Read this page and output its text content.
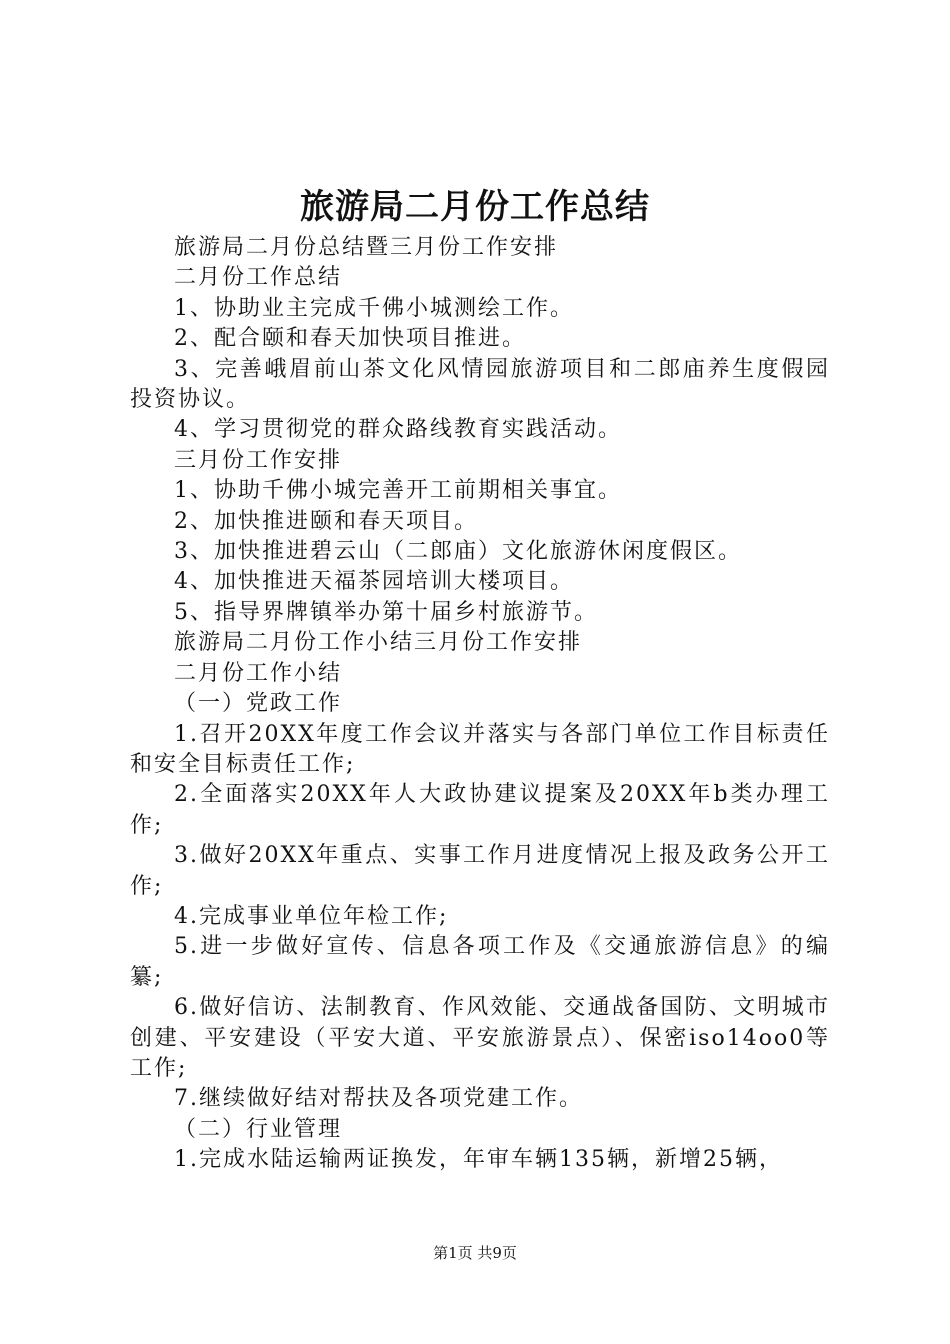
旅游局二月份工作总结

旅游局二月份总结暨三月份工作安排

二月份工作总结

1、协助业主完成千佛小城测绘工作。

2、配合颐和春天加快项目推进。

3、完善峨眉前山茶文化风情园旅游项目和二郎庙养生度假园投资协议。

4、学习贯彻党的群众路线教育实践活动。

三月份工作安排

1、协助千佛小城完善开工前期相关事宜。

2、加快推进颐和春天项目。

3、加快推进碧云山（二郎庙）文化旅游休闲度假区。

4、加快推进天福茶园培训大楼项目。

5、指导界牌镇举办第十届乡村旅游节。

旅游局二月份工作小结三月份工作安排

二月份工作小结

（一）党政工作

1.召开20XX年度工作会议并落实与各部门单位工作目标责任和安全目标责任工作;

2.全面落实20XX年人大政协建议提案及20XX年b类办理工作;

3.做好20XX年重点、实事工作月进度情况上报及政务公开工作;

4.完成事业单位年检工作;

5.进一步做好宣传、信息各项工作及《交通旅游信息》的编纂;

6.做好信访、法制教育、作风效能、交通战备国防、文明城市创建、平安建设（平安大道、平安旅游景点）、保密iso14oo0等工作;

7.继续做好结对帮扶及各项党建工作。

（二）行业管理

1.完成水陆运输两证换发，年审车辆135辆，新增25辆，

第1页 共9页
